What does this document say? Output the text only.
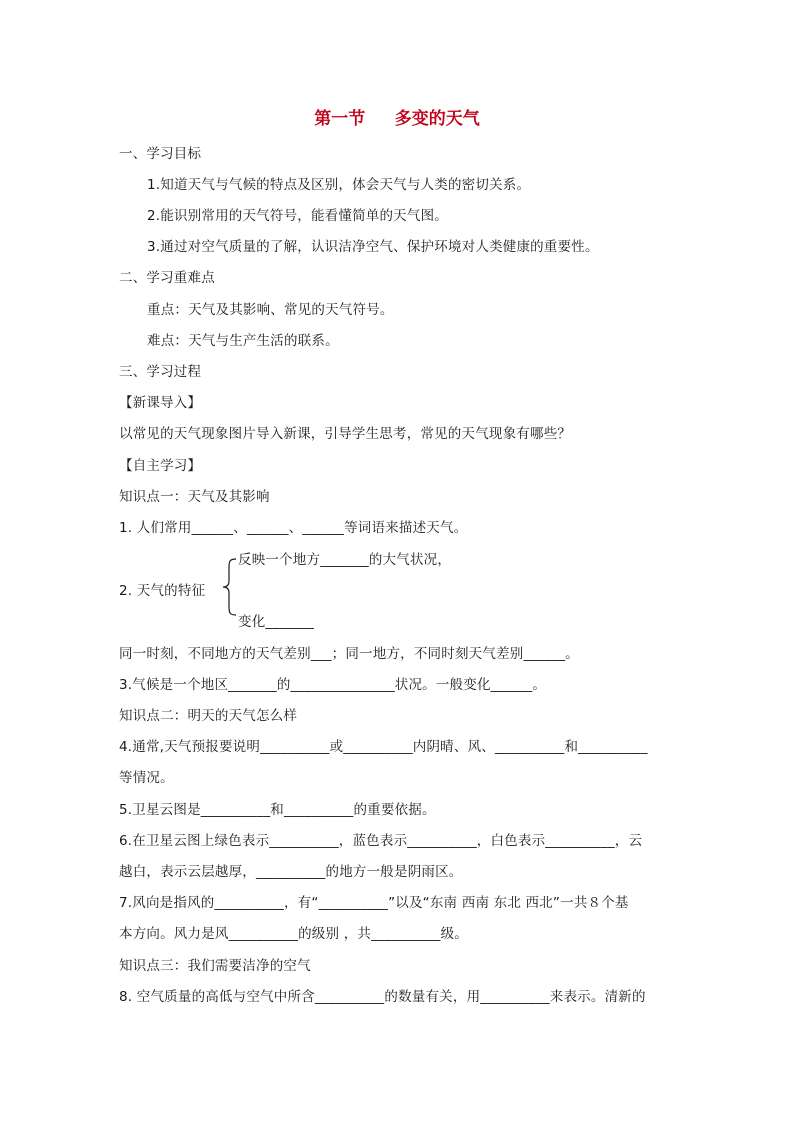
第一节     多变的天气
一、学习目标
1.知道天气与气候的特点及区别，体会天气与人类的密切关系。
2.能识别常用的天气符号，能看懂简单的天气图。
3.通过对空气质量的了解，认识洁净空气、保护环境对人类健康的重要性。
二、学习重难点
重点：天气及其影响、常见的天气符号。
难点：天气与生产生活的联系。
三、学习过程
【新课导入】
以常见的天气现象图片导入新课，引导学生思考，常见的天气现象有哪些？
【自主学习】
知识点一：天气及其影响
1. 人们常用______、______、______等词语来描述天气。
反映一个地方_______的大气状况，
2. 天气的特征
变化_______
同一时刻，不同地方的天气差别___；同一地方，不同时刻天气差别______。
3.气候是一个地区_______的_______________状况。一般变化______。
知识点二：明天的天气怎么样
4.通常,天气预报要说明__________或__________内阴晴、风、__________和__________
等情况。
5.卫星云图是__________和__________的重要依据。
6.在卫星云图上绿色表示__________，蓝色表示__________，白色表示__________，云
越白，表示云层越厚，__________的地方一般是阴雨区。
7.风向是指风的__________，有“__________”以及“东南 西南 东北 西北”一共８个基
本方向。风力是风__________的级别 ，共__________级。
知识点三：我们需要洁净的空气
8. 空气质量的高低与空气中所含__________的数量有关，用__________来表示。清新的
